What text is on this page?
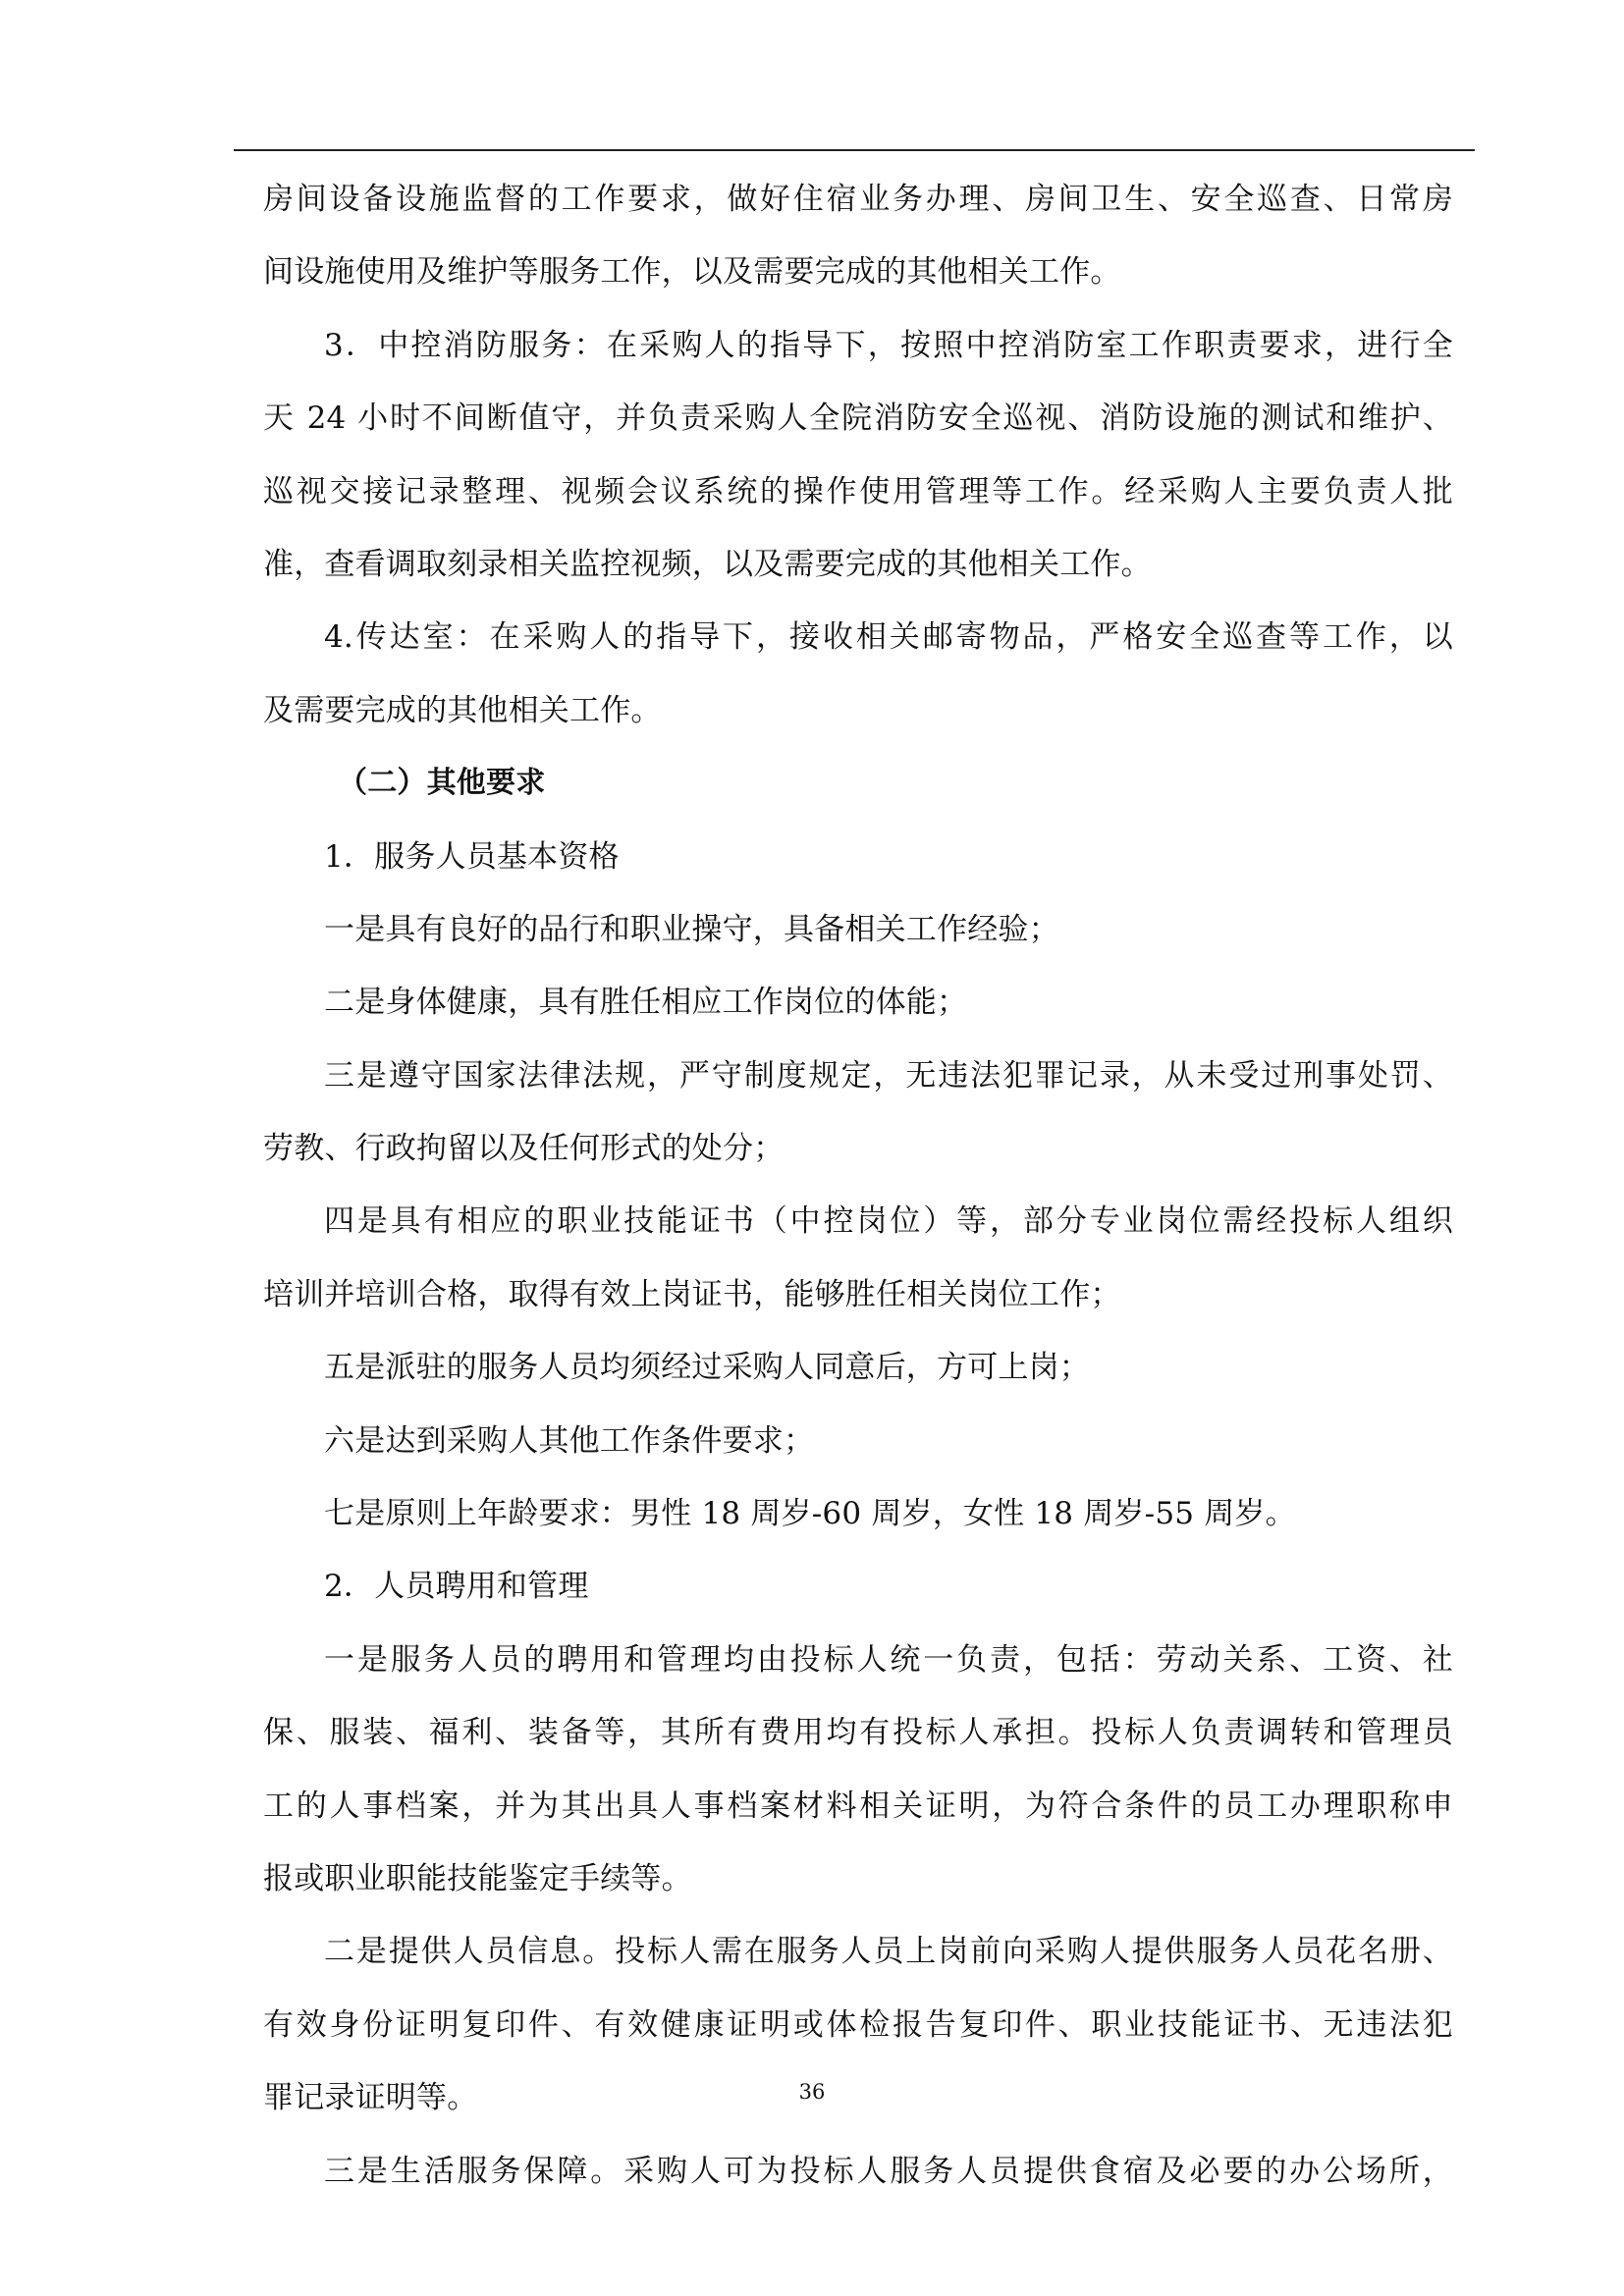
房间设备设施监督的工作要求，做好住宿业务办理、房间卫生、安全巡查、日常房
间设施使用及维护等服务工作，以及需要完成的其他相关工作。
3．中控消防服务：在采购人的指导下，按照中控消防室工作职责要求，进行全
天 24 小时不间断值守，并负责采购人全院消防安全巡视、消防设施的测试和维护、
巡视交接记录整理、视频会议系统的操作使用管理等工作。经采购人主要负责人批
准，查看调取刻录相关监控视频，以及需要完成的其他相关工作。
4.传达室：在采购人的指导下，接收相关邮寄物品，严格安全巡查等工作，以
及需要完成的其他相关工作。
（二）其他要求
1．服务人员基本资格
一是具有良好的品行和职业操守，具备相关工作经验；
二是身体健康，具有胜任相应工作岗位的体能；
三是遵守国家法律法规，严守制度规定，无违法犯罪记录，从未受过刑事处罚、
劳教、行政拘留以及任何形式的处分；
四是具有相应的职业技能证书（中控岗位）等，部分专业岗位需经投标人组织
培训并培训合格，取得有效上岗证书，能够胜任相关岗位工作；
五是派驻的服务人员均须经过采购人同意后，方可上岗；
六是达到采购人其他工作条件要求；
七是原则上年龄要求：男性 18 周岁-60 周岁，女性 18 周岁-55 周岁。
2．人员聘用和管理
一是服务人员的聘用和管理均由投标人统一负责，包括：劳动关系、工资、社
保、服装、福利、装备等，其所有费用均有投标人承担。投标人负责调转和管理员
工的人事档案，并为其出具人事档案材料相关证明，为符合条件的员工办理职称申
报或职业职能技能鉴定手续等。
二是提供人员信息。投标人需在服务人员上岗前向采购人提供服务人员花名册、
有效身份证明复印件、有效健康证明或体检报告复印件、职业技能证书、无违法犯
罪记录证明等。
三是生活服务保障。采购人可为投标人服务人员提供食宿及必要的办公场所，
36
